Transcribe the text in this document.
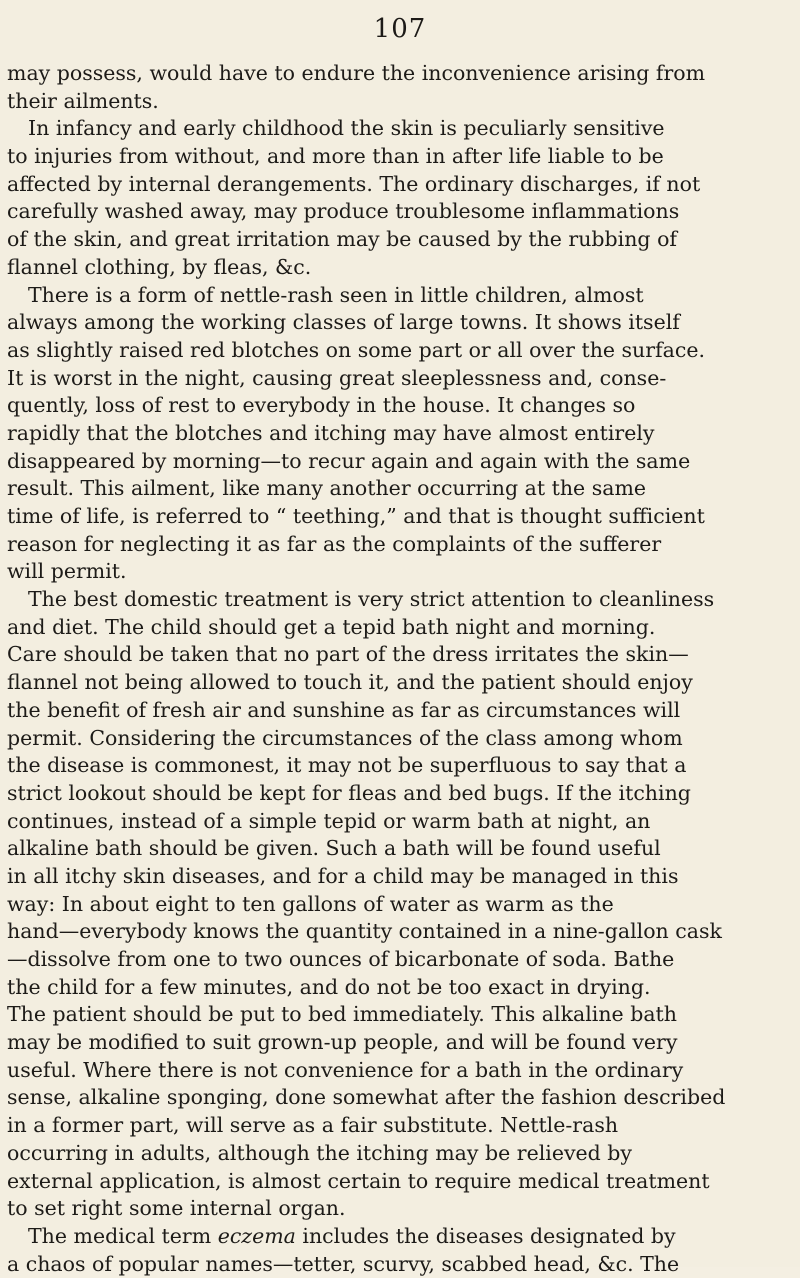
107
may possess, would have to endure the inconvenience arising from
their ailments.
In infancy and early childhood the skin is peculiarly sensitive
to injuries from without, and more than in after life liable to be
affected by internal derangements. The ordinary discharges, if not
carefully washed away, may produce troublesome inflammations
of the skin, and great irritation may be caused by the rubbing of
flannel clothing, by fleas, &c.
There is a form of nettle-rash seen in little children, almost
always among the working classes of large towns. It shows itself
as slightly raised red blotches on some part or all over the surface.
It is worst in the night, causing great sleeplessness and, conse-
quently, loss of rest to everybody in the house. It changes so
rapidly that the blotches and itching may have almost entirely
disappeared by morning—to recur again and again with the same
result. This ailment, like many another occurring at the same
time of life, is referred to “ teething,” and that is thought sufficient
reason for neglecting it as far as the complaints of the sufferer
will permit.
The best domestic treatment is very strict attention to cleanliness
and diet. The child should get a tepid bath night and morning.
Care should be taken that no part of the dress irritates the skin—
flannel not being allowed to touch it, and the patient should enjoy
the benefit of fresh air and sunshine as far as circumstances will
permit. Considering the circumstances of the class among whom
the disease is commonest, it may not be superfluous to say that a
strict lookout should be kept for fleas and bed bugs. If the itching
continues, instead of a simple tepid or warm bath at night, an
alkaline bath should be given. Such a bath will be found useful
in all itchy skin diseases, and for a child may be managed in this
way: In about eight to ten gallons of water as warm as the
hand—everybody knows the quantity contained in a nine-gallon cask
—dissolve from one to two ounces of bicarbonate of soda. Bathe
the child for a few minutes, and do not be too exact in drying.
The patient should be put to bed immediately. This alkaline bath
may be modified to suit grown-up people, and will be found very
useful. Where there is not convenience for a bath in the ordinary
sense, alkaline sponging, done somewhat after the fashion described
in a former part, will serve as a fair substitute. Nettle-rash
occurring in adults, although the itching may be relieved by
external application, is almost certain to require medical treatment
to set right some internal organ.
The medical term eczema includes the diseases designated by
a chaos of popular names—tetter, scurvy, scabbed head, &c. The
